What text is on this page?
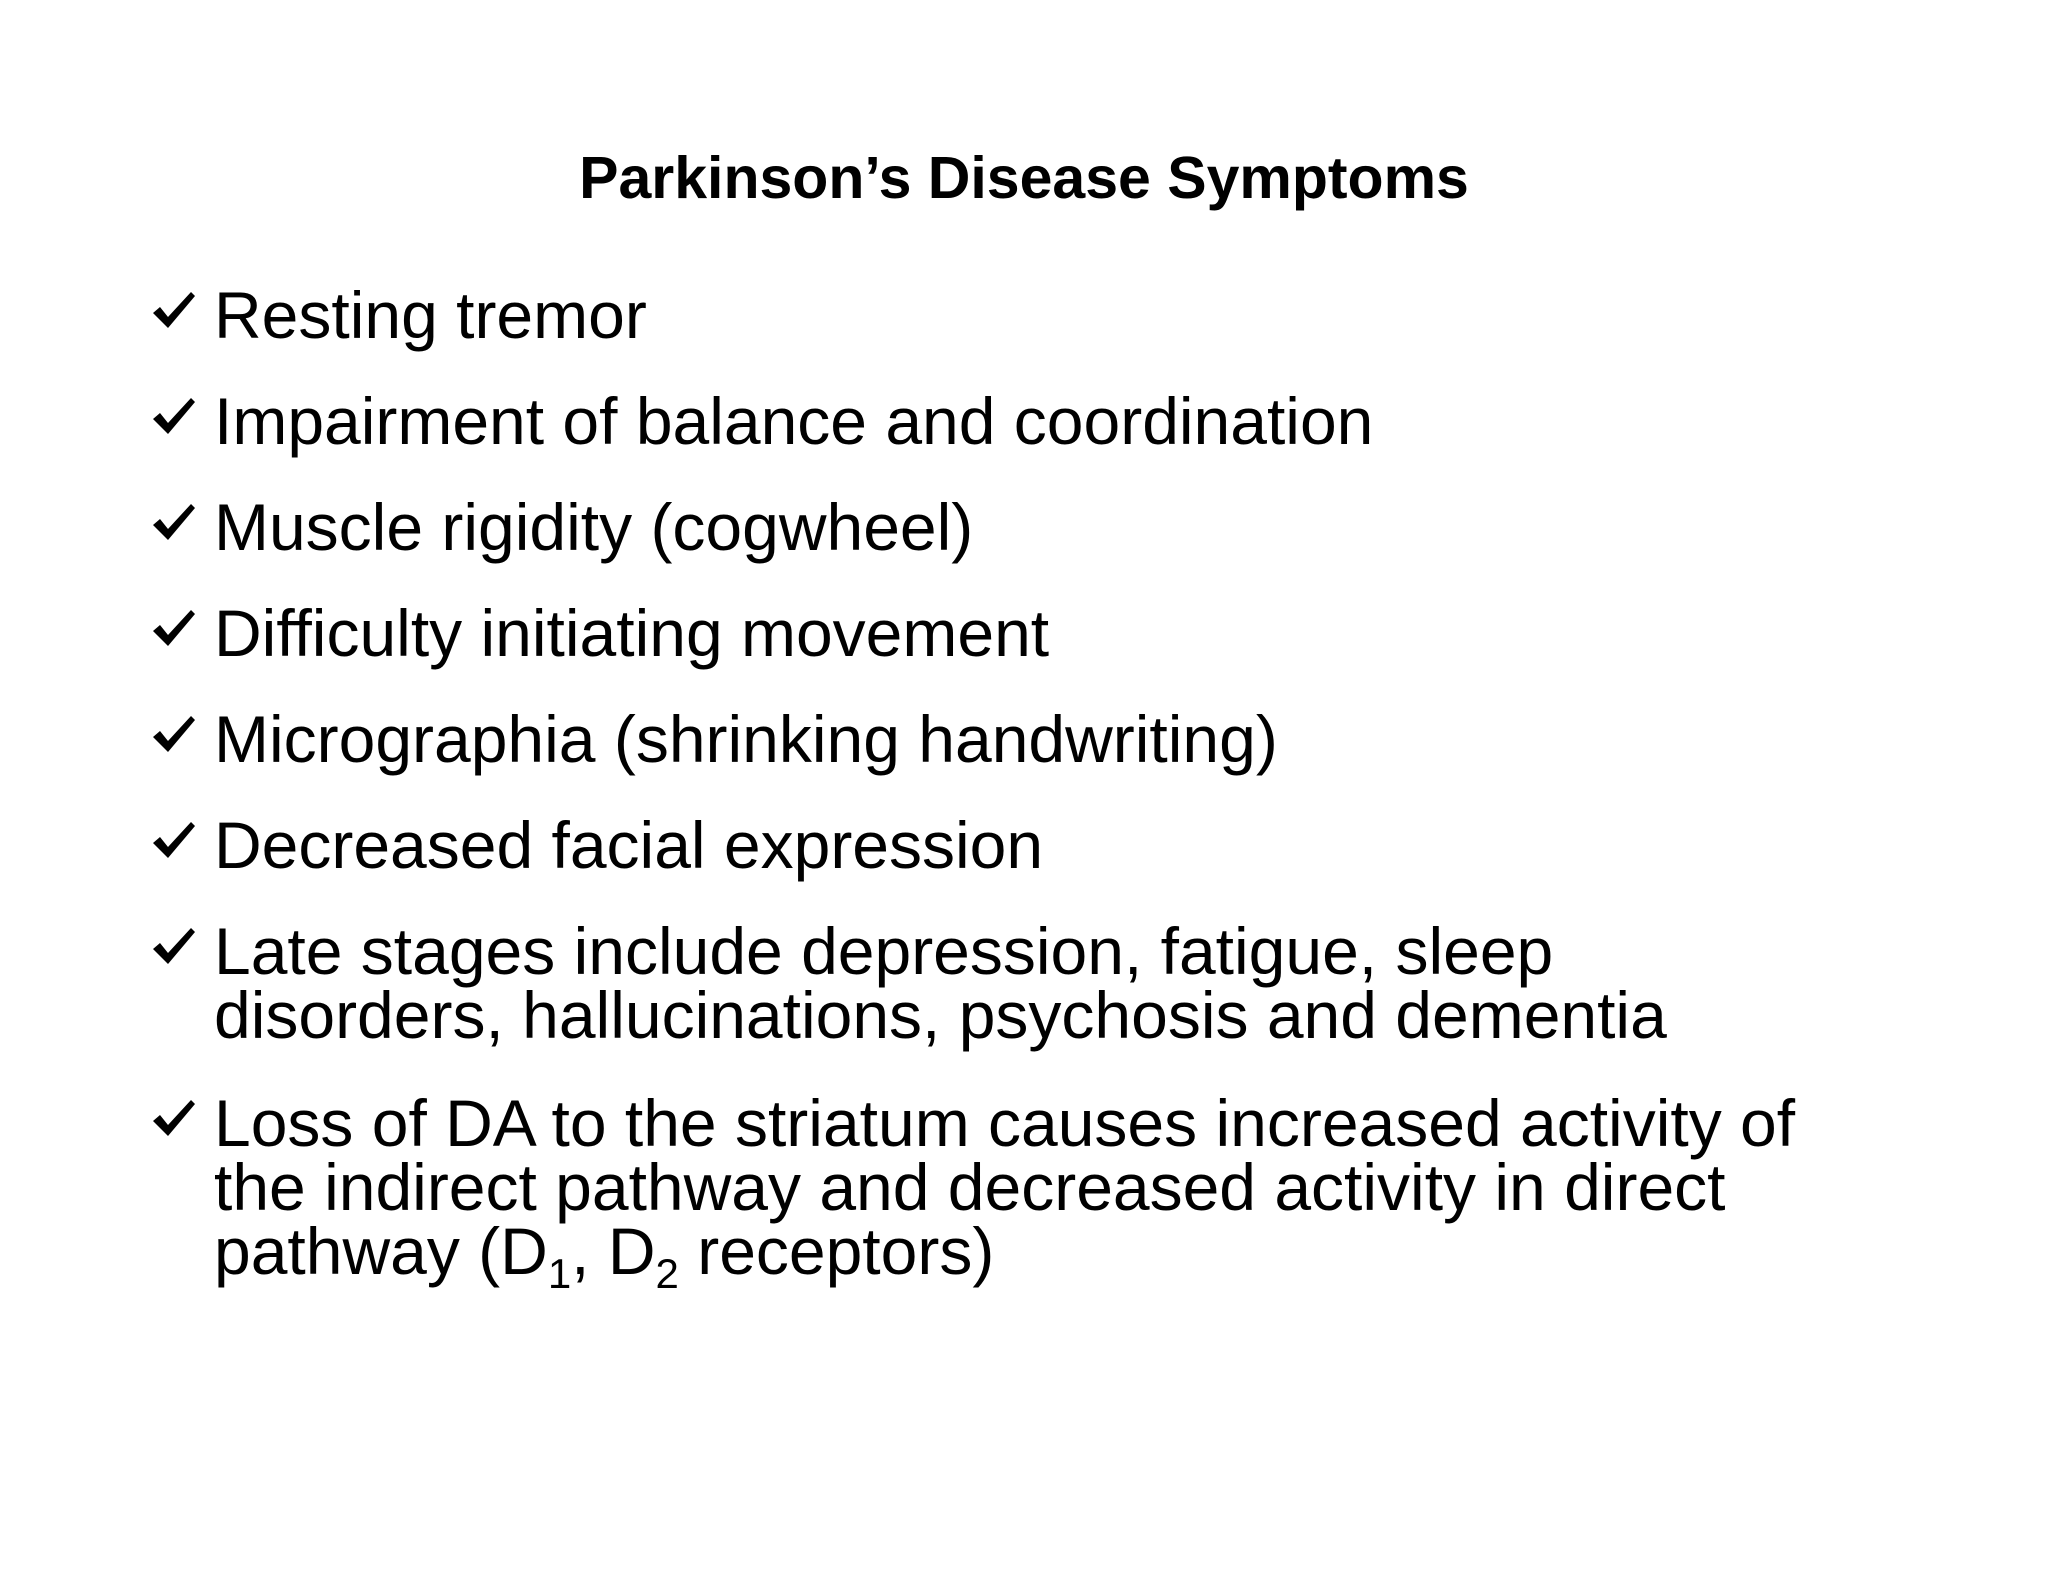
Parkinson’s Disease Symptoms
Resting tremor
Impairment of balance and coordination
Muscle rigidity (cogwheel)
Difficulty initiating movement
Micrographia (shrinking handwriting)
Decreased facial expression
Late stages include depression, fatigue, sleep
disorders, hallucinations, psychosis and dementia
Loss of DA to the striatum causes increased activity of
the indirect pathway and decreased activity in direct
pathway ($D_1$, $D_2$ receptors)
